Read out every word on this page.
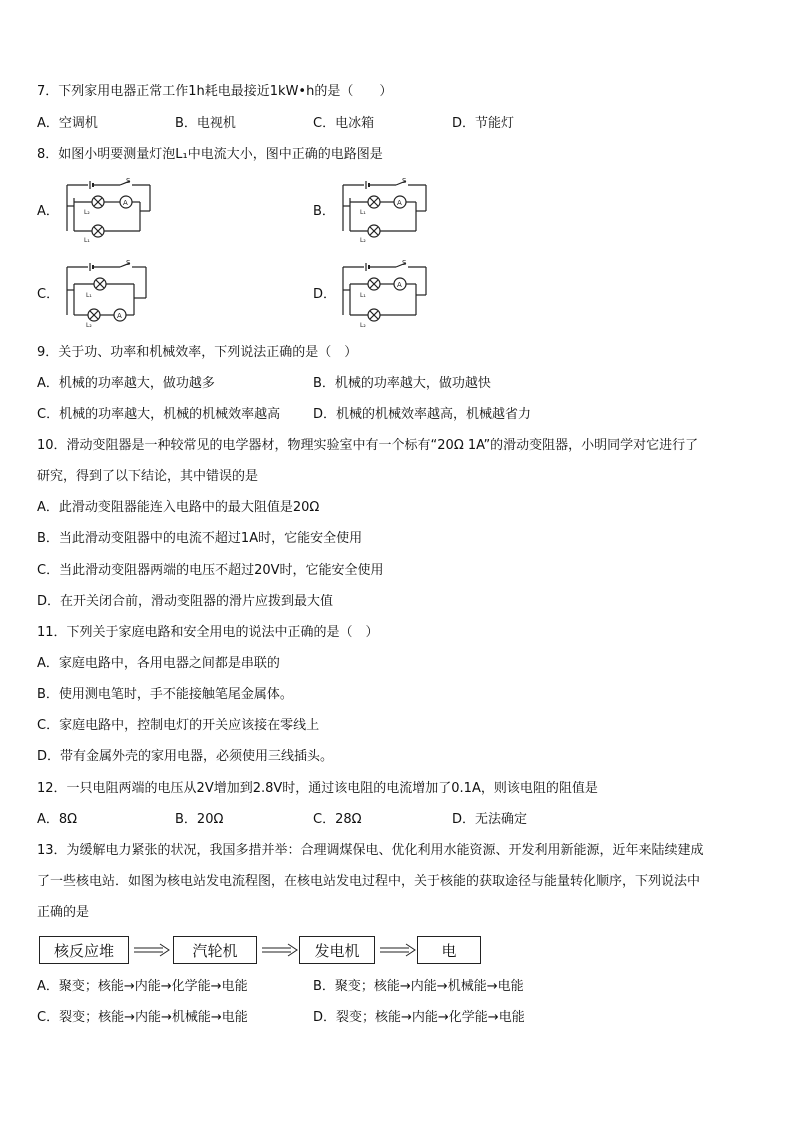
7．下列家用电器正常工作1h耗电最接近1kW•h的是（　　）
A．空调机	B．电视机	C．电冰箱	D．节能灯
8．如图小明要测量灯泡L₁中电流大小，图中正确的电路图是
A．
A
S
L₂
L₁
B．
A
S
L₁
L₂
C．
A
S
L₁
L₂
D．
A
S
L₁
L₂
9．关于功、功率和机械效率，下列说法正确的是（　）
A．机械的功率越大，做功越多	B．机械的功率越大，做功越快
C．机械的功率越大，机械的机械效率越高	D．机械的机械效率越高，机械越省力
10．滑动变阻器是一种较常见的电学器材，物理实验室中有一个标有“20Ω 1A”的滑动变阻器，小明同学对它进行了
研究，得到了以下结论，其中错误的是
A．此滑动变阻器能连入电路中的最大阻值是20Ω
B．当此滑动变阻器中的电流不超过1A时，它能安全使用
C．当此滑动变阻器两端的电压不超过20V时，它能安全使用
D．在开关闭合前，滑动变阻器的滑片应拨到最大值
11．下列关于家庭电路和安全用电的说法中正确的是（　）
A．家庭电路中，各用电器之间都是串联的
B．使用测电笔时，手不能接触笔尾金属体。
C．家庭电路中，控制电灯的开关应该接在零线上
D．带有金属外壳的家用电器，必须使用三线插头。
12．一只电阻两端的电压从2V增加到2.8V时，通过该电阻的电流增加了0.1A，则该电阻的阻值是
A．8Ω	B．20Ω	C．28Ω	D．无法确定
13．为缓解电力紧张的状况，我国多措并举：合理调煤保电、优化利用水能资源、开发利用新能源，近年来陆续建成
了一些核电站．如图为核电站发电流程图，在核电站发电过程中，关于核能的获取途径与能量转化顺序，下列说法中
正确的是
核反应堆	汽轮机	发电机	电
A．聚变；核能→内能→化学能→电能	B．聚变；核能→内能→机械能→电能
C．裂变；核能→内能→机械能→电能	D．裂变；核能→内能→化学能→电能
